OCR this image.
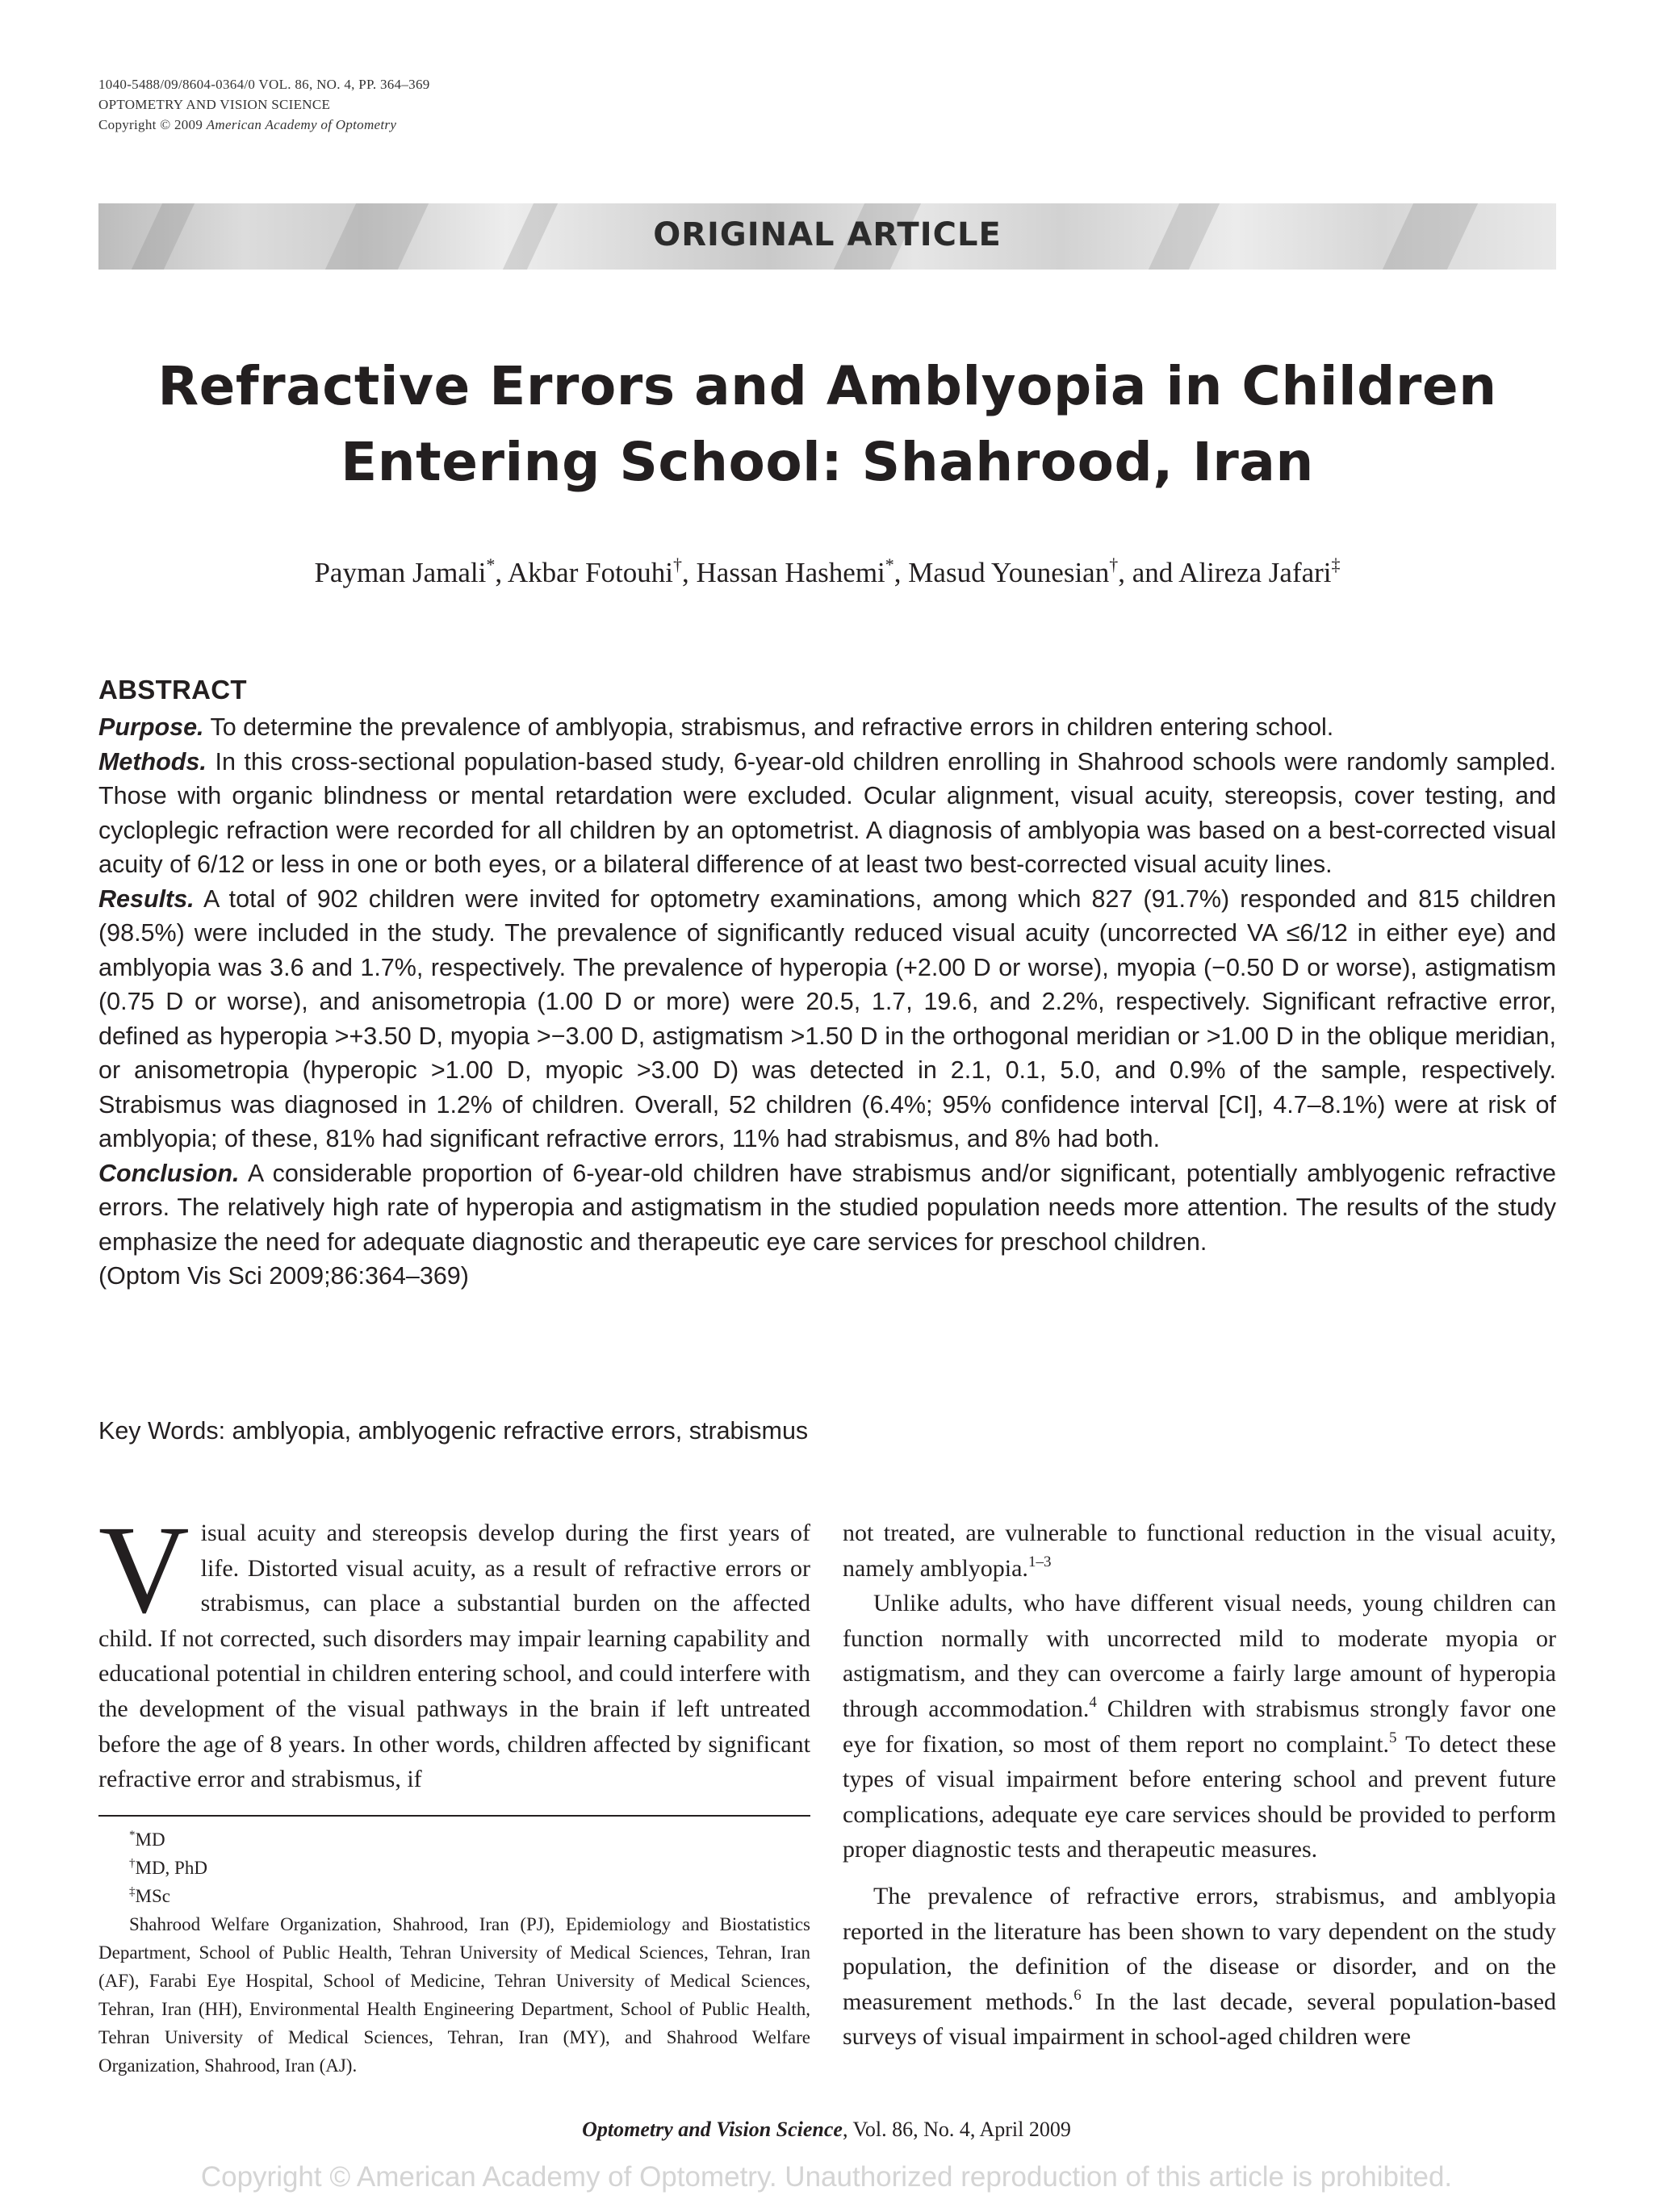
1040-5488/09/8604-0364/0 VOL. 86, NO. 4, PP. 364–369
OPTOMETRY AND VISION SCIENCE
Copyright © 2009 American Academy of Optometry
ORIGINAL ARTICLE
Refractive Errors and Amblyopia in Children
Entering School: Shahrood, Iran
Payman Jamali*, Akbar Fotouhi†, Hassan Hashemi*, Masud Younesian†, and Alireza Jafari‡
ABSTRACT

Purpose. To determine the prevalence of amblyopia, strabismus, and refractive errors in children entering school.

Methods. In this cross-sectional population-based study, 6-year-old children enrolling in Shahrood schools were randomly sampled. Those with organic blindness or mental retardation were excluded. Ocular alignment, visual acuity, stereopsis, cover testing, and cycloplegic refraction were recorded for all children by an optometrist. A diagnosis of amblyopia was based on a best-corrected visual acuity of 6/12 or less in one or both eyes, or a bilateral difference of at least two best-corrected visual acuity lines.

Results. A total of 902 children were invited for optometry examinations, among which 827 (91.7%) responded and 815 children (98.5%) were included in the study. The prevalence of significantly reduced visual acuity (uncorrected VA ≤6/12 in either eye) and amblyopia was 3.6 and 1.7%, respectively. The prevalence of hyperopia (+2.00 D or worse), myopia (−0.50 D or worse), astigmatism (0.75 D or worse), and anisometropia (1.00 D or more) were 20.5, 1.7, 19.6, and 2.2%, respectively. Significant refractive error, defined as hyperopia >+3.50 D, myopia >−3.00 D, astigmatism >1.50 D in the orthogonal meridian or >1.00 D in the oblique meridian, or anisometropia (hyperopic >1.00 D, myopic >3.00 D) was detected in 2.1, 0.1, 5.0, and 0.9% of the sample, respectively. Strabismus was diagnosed in 1.2% of children. Overall, 52 children (6.4%; 95% confidence interval [CI], 4.7–8.1%) were at risk of amblyopia; of these, 81% had significant refractive errors, 11% had strabismus, and 8% had both.

Conclusion. A considerable proportion of 6-year-old children have strabismus and/or significant, potentially amblyogenic refractive errors. The relatively high rate of hyperopia and astigmatism in the studied population needs more attention. The results of the study emphasize the need for adequate diagnostic and therapeutic eye care services for preschool children.

(Optom Vis Sci 2009;86:364–369)

Key Words: amblyopia, amblyogenic refractive errors, strabismus

Visual acuity and stereopsis develop during the first years of life. Distorted visual acuity, as a result of refractive errors or strabismus, can place a substantial burden on the affected child. If not corrected, such disorders may impair learning capability and educational potential in children entering school, and could interfere with the development of the visual pathways in the brain if left untreated before the age of 8 years. In other words, children affected by significant refractive error and strabismus, if

not treated, are vulnerable to functional reduction in the visual acuity, namely amblyopia.$^{1-3}$

Unlike adults, who have different visual needs, young children can function normally with uncorrected mild to moderate myopia or astigmatism, and they can overcome a fairly large amount of hyperopia through accommodation.$^4$ Children with strabismus strongly favor one eye for fixation, so most of them report no complaint.$^5$ To detect these types of visual impairment before entering school and prevent future complications, adequate eye care services should be provided to perform proper diagnostic tests and therapeutic measures.

The prevalence of refractive errors, strabismus, and amblyopia reported in the literature has been shown to vary dependent on the study population, the definition of the disease or disorder, and on the measurement methods.$^6$ In the last decade, several population-based surveys of visual impairment in school-aged children were

*MD
†MD, PhD
‡MSc
Shahrood Welfare Organization, Shahrood, Iran (PJ), Epidemiology and Biostatistics Department, School of Public Health, Tehran University of Medical Sciences, Tehran, Iran (AF), Farabi Eye Hospital, School of Medicine, Tehran University of Medical Sciences, Tehran, Iran (HH), Environmental Health Engineering Department, School of Public Health, Tehran University of Medical Sciences, Tehran, Iran (MY), and Shahrood Welfare Organization, Shahrood, Iran (AJ).
Optometry and Vision Science, Vol. 86, No. 4, April 2009
Copyright © American Academy of Optometry. Unauthorized reproduction of this article is prohibited.
